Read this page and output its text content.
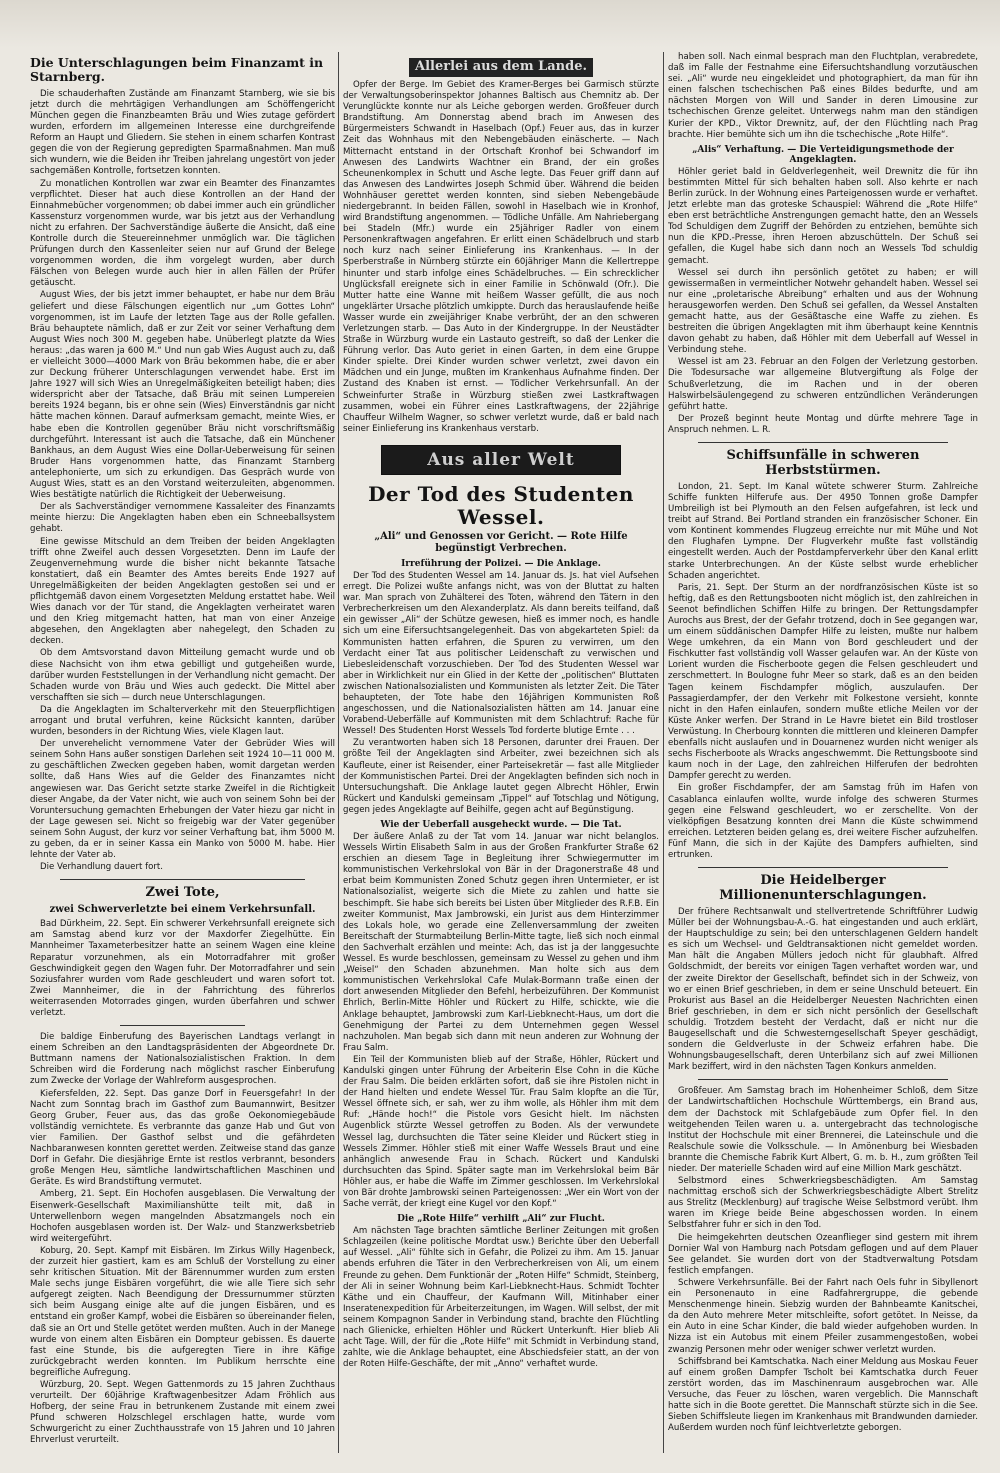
Die Unterschlagungen beim Finanzamt in Starnberg.

Die schauderhaften Zustände am Finanzamt Starnberg, wie sie bis jetzt durch die mehrtägigen Verhandlungen am Schöffengericht München gegen die Finanzbeamten Bräu und Wies zutage gefördert wurden, erfordern im allgemeinen Interesse eine durchgreifende Reform an Haupt und Gliedern. Sie stehen in einem scharfen Kontrast gegen die von der Regierung gepredigten Sparmaßnahmen. Man muß sich wundern, wie die Beiden ihr Treiben jahrelang ungestört von jeder sachgemäßen Kontrolle, fortsetzen konnten.

Zu monatlichen Kontrollen war zwar ein Beamter des Finanzamtes verpflichtet. Dieser hat auch diese Kontrollen an der Hand der Einnahmebücher vorgenommen; ob dabei immer auch ein gründlicher Kassensturz vorgenommen wurde, war bis jetzt aus der Verhandlung nicht zu erfahren. Der Sachverständige äußerte die Ansicht, daß eine Kontrolle durch die Steuereinnehmer unmöglich war. Die täglichen Prüfungen durch den Kassenleiter seien nur auf Grund der Belege vorgenommen worden, die ihm vorgelegt wurden, aber durch Fälschen von Belegen wurde auch hier in allen Fällen der Prüfer getäuscht.

August Wies, der bis jetzt immer behauptet, er habe nur dem Bräu geliefert und diese Fälschungen eigentlich nur „um Gottes Lohn“ vorgenommen, ist im Laufe der letzten Tage aus der Rolle gefallen. Bräu behauptete nämlich, daß er zur Zeit vor seiner Verhaftung dem August Wies noch 300 M. gegeben habe. Unüberlegt platzte da Wies heraus: „das waren ja 600 M.“ Und nun gab Wies August auch zu, daß er vielleicht 3000—4000 Mark von Bräu bekommen habe, die er aber zur Deckung früherer Unterschlagungen verwendet habe. Erst im Jahre 1927 will sich Wies an Unregelmäßigkeiten beteiligt haben; dies widerspricht aber der Tatsache, daß Bräu mit seinen Lumpereien bereits 1924 begann, bis er ohne sein (Wies) Einverständnis gar nicht hätte machen können. Darauf aufmerksam gemacht, meinte Wies, er habe eben die Kontrollen gegenüber Bräu nicht vorschriftsmäßig durchgeführt. Interessant ist auch die Tatsache, daß ein Münchener Bankhaus, an dem August Wies eine Dollar-Ueberweisung für seinen Bruder Hans vorgenommen hatte, das Finanzamt Starnberg antelephonierte, um sich zu erkundigen. Das Gespräch wurde von August Wies, statt es an den Vorstand weiterzuleiten, abgenommen. Wies bestätigte natürlich die Richtigkeit der Ueberweisung.

Der als Sachverständiger vernommene Kassaleiter des Finanzamts meinte hierzu: Die Angeklagten haben eben ein Schneeballsystem gehabt.

Eine gewisse Mitschuld an dem Treiben der beiden Angeklagten trifft ohne Zweifel auch dessen Vorgesetzten. Denn im Laufe der Zeugenvernehmung wurde die bisher nicht bekannte Tatsache konstatiert, daß ein Beamter des Amtes bereits Ende 1927 auf Unregelmäßigkeiten der beiden Angeklagten gestoßen sei und er pflichtgemäß davon einem Vorgesetzten Meldung erstattet habe. Weil Wies danach vor der Tür stand, die Angeklagten verheiratet waren und den Krieg mitgemacht hatten, hat man von einer Anzeige abgesehen, den Angeklagten aber nahegelegt, den Schaden zu decken.

Ob dem Amtsvorstand davon Mitteilung gemacht wurde und ob diese Nachsicht von ihm etwa gebilligt und gutgeheißen wurde, darüber wurden Feststellungen in der Verhandlung nicht gemacht. Der Schaden wurde von Bräu und Wies auch gedeckt. Die Mittel aber verschafften sie sich — durch neue Unterschlagungen.

Da die Angeklagten im Schalterverkehr mit den Steuerpflichtigen arrogant und brutal verfuhren, keine Rücksicht kannten, darüber wurden, besonders in der Richtung Wies, viele Klagen laut.

Der unverehelicht vernommene Vater der Gebrüder Wies will seinem Sohn Hans außer sonstigen Darlehen seit 1924 10—11 000 M. zu geschäftlichen Zwecken gegeben haben, womit dargetan werden sollte, daß Hans Wies auf die Gelder des Finanzamtes nicht angewiesen war. Das Gericht setzte starke Zweifel in die Richtigkeit dieser Angabe, da der Vater nicht, wie auch von seinem Sohn bei der Voruntersuchung gemachten Erhebungen der Vater hiezu gar nicht in der Lage gewesen sei. Nicht so freigebig war der Vater gegenüber seinem Sohn August, der kurz vor seiner Verhaftung bat, ihm 5000 M. zu geben, da er in seiner Kassa ein Manko von 5000 M. habe. Hier lehnte der Vater ab.

Die Verhandlung dauert fort.

Zwei Tote,
zwei Schwerverletzte bei einem Verkehrsunfall.

Bad Dürkheim, 22. Sept. Ein schwerer Verkehrsunfall ereignete sich am Samstag abend kurz vor der Maxdorfer Ziegelhütte. Ein Mannheimer Taxameterbesitzer hatte an seinem Wagen eine kleine Reparatur vorzunehmen, als ein Motorradfahrer mit großer Geschwindigkeit gegen den Wagen fuhr. Der Motorradfahrer und sein Soziusfahrer wurden vom Rade geschleudert und waren sofort tot. Zwei Mannheimer, die in der Fahrrichtung des führerlos weiterrasenden Motorrades gingen, wurden überfahren und schwer verletzt.

Die baldige Einberufung des Bayerischen Landtags verlangt in einem Schreiben an den Landtagspräsidenten der Abgeordnete Dr. Buttmann namens der Nationalsozialistischen Fraktion. In dem Schreiben wird die Forderung nach möglichst rascher Einberufung zum Zwecke der Vorlage der Wahlreform ausgesprochen.

Kiefersfelden, 22. Sept. Das ganze Dorf in Feuersgefahr! In der Nacht zum Sonntag brach im Gasthof zum Baumannwirt, Besitzer Georg Gruber, Feuer aus, das das große Oekonomiegebäude vollständig vernichtete. Es verbrannte das ganze Hab und Gut von vier Familien. Der Gasthof selbst und die gefährdeten Nachbaranwesen konnten gerettet werden. Zeitweise stand das ganze Dorf in Gefahr. Die diesjährige Ernte ist restlos verbrannt, besonders große Mengen Heu, sämtliche landwirtschaftlichen Maschinen und Geräte. Es wird Brandstiftung vermutet.

Amberg, 21. Sept. Ein Hochofen ausgeblasen. Die Verwaltung der Eisenwerk-Gesellschaft Maximilianshütte teilt mit, daß in Unterwellenborn wegen mangelnden Absatzmangels noch ein Hochofen ausgeblasen worden ist. Der Walz- und Stanzwerksbetrieb wird weitergeführt.

Koburg, 20. Sept. Kampf mit Eisbären. Im Zirkus Willy Hagenbeck, der zurzeit hier gastiert, kam es am Schluß der Vorstellung zu einer sehr kritischen Situation. Mit der Bärennummer wurden zum ersten Male sechs junge Eisbären vorgeführt, die wie alle Tiere sich sehr aufgeregt zeigten. Nach Beendigung der Dressurnummer stürzten sich beim Ausgang einige alte auf die jungen Eisbären, und es entstand ein großer Kampf, wobei die Eisbären so übereinander fielen, daß sie an Ort und Stelle getötet werden mußten. Auch in der Manege wurde von einem alten Eisbären ein Dompteur gebissen. Es dauerte fast eine Stunde, bis die aufgeregten Tiere in ihre Käfige zurückgebracht werden konnten. Im Publikum herrschte eine begreifliche Aufregung.

Würzburg, 20. Sept. Wegen Gattenmords zu 15 Jahren Zuchthaus verurteilt. Der 60jährige Kraftwagenbesitzer Adam Fröhlich aus Hofberg, der seine Frau in betrunkenem Zustande mit einem zwei Pfund schweren Holzschlegel erschlagen hatte, wurde vom Schwurgericht zu einer Zuchthausstrafe von 15 Jahren und 10 Jahren Ehrverlust verurteilt.

Allerlei aus dem Lande.

Opfer der Berge. Im Gebiet des Kramer-Berges bei Garmisch stürzte der Verwaltungsoberinspektor Johannes Baltisch aus Chemnitz ab. Der Verunglückte konnte nur als Leiche geborgen werden. Großfeuer durch Brandstiftung. Am Donnerstag abend brach im Anwesen des Bürgermeisters Schwandt in Haselbach (Opf.) Feuer aus, das in kurzer Zeit das Wohnhaus mit den Nebengebäuden einäscherte. — Nach Mitternacht entstand in der Ortschaft Kronhof bei Schwandorf im Anwesen des Landwirts Wachtner ein Brand, der ein großes Scheunenkomplex in Schutt und Asche legte. Das Feuer griff dann auf das Anwesen des Landwirtes Joseph Schmid über. Während die beiden Wohnhäuser gerettet werden konnten, sind sieben Nebengebäude niedergebrannt. In beiden Fällen, sowohl in Haselbach wie in Kronhof, wird Brandstiftung angenommen. — Tödliche Unfälle. Am Nahriebergang bei Stadeln (Mfr.) wurde ein 25jähriger Radler von einem Personenkraftwagen angefahren. Er erlitt einen Schädelbruch und starb noch kurz nach seiner Einlieferung ins Krankenhaus. — In der Sperberstraße in Nürnberg stürzte ein 60jähriger Mann die Kellertreppe hinunter und starb infolge eines Schädelbruches. — Ein schrecklicher Unglücksfall ereignete sich in einer Familie in Schönwald (Ofr.). Die Mutter hatte eine Wanne mit heißem Wasser gefüllt, die aus noch ungeklärter Ursache plötzlich umkippte. Durch das herauslaufende heiße Wasser wurde ein zweijähriger Knabe verbrüht, der an den schweren Verletzungen starb. — Das Auto in der Kindergruppe. In der Neustädter Straße in Würzburg wurde ein Lastauto gestreift, so daß der Lenker die Führung verlor. Das Auto geriet in einen Garten, in dem eine Gruppe Kinder spielte. Drei Kinder wurden schwer verletzt, zwei davon ein Mädchen und ein Junge, mußten im Krankenhaus Aufnahme finden. Der Zustand des Knaben ist ernst. — Tödlicher Verkehrsunfall. An der Schweinfurter Straße in Würzburg stießen zwei Lastkraftwagen zusammen, wobei ein Führer eines Lastkraftwagens, der 22jährige Chauffeur Wilhelm Wagner, so schwer verletzt wurde, daß er bald nach seiner Einlieferung ins Krankenhaus verstarb.

Aus aller Welt
Der Tod des Studenten Wessel.
„Ali“ und Genossen vor Gericht. — Rote Hilfe begünstigt Verbrechen.
Irreführung der Polizei. — Die Anklage.

Der Tod des Studenten Wessel am 14. Januar ds. Js. hat viel Aufsehen erregt. Die Polizei wußte anfangs nicht, was von der Bluttat zu halten war. Man sprach von Zuhälterei des Toten, während den Tätern in den Verbrecherkreisen um den Alexanderplatz. Als dann bereits teilfand, daß ein gewisser „Ali“ der Schütze gewesen, hieß es immer noch, es handle sich um eine Eifersuchtsangelegenheit. Das von abgekarteten Spiel: da Kommunisten hatten erfahren, die Spuren zu verwirren, um den Verdacht einer Tat aus politischer Leidenschaft zu verwischen und Liebesleidenschaft vorzuschieben. Der Tod des Studenten Wessel war aber in Wirklichkeit nur ein Glied in der Kette der „politischen“ Bluttaten zwischen Nationalsozialisten und Kommunisten als letzter Zeit. Die Täter behaupteten, der Tote habe den 16jährigen Kommunisten Roß angeschossen, und die Nationalsozialisten hätten am 14. Januar eine Vorabend-Ueberfälle auf Kommunisten mit dem Schlachtruf: Rache für Wessel! Des Studenten Horst Wessels Tod forderte blutige Ernte . . .

Zu verantworten haben sich 18 Personen, darunter drei Frauen. Der größte Teil der Angeklagten sind Arbeiter, zwei bezeichnen sich als Kaufleute, einer ist Reisender, einer Parteisekretär — fast alle Mitglieder der Kommunistischen Partei. Drei der Angeklagten befinden sich noch in Untersuchungshaft. Die Anklage lautet gegen Albrecht Höhler, Erwin Rückert und Kandulski gemeinsam „Tippel“ auf Totschlag und Nötigung, gegen jedes Angeklagte auf Beihilfe, gegen acht auf Begünstigung.

Wie der Ueberfall ausgeheckt wurde. — Die Tat.

Der äußere Anlaß zu der Tat vom 14. Januar war nicht belanglos. Wessels Wirtin Elisabeth Salm in aus der Großen Frankfurter Straße 62 erschien an diesem Tage in Begleitung ihrer Schwiegermutter im kommunistischen Verkehrslokal von Bär in der Dragonerstraße 48 und erbat beim Kommunisten Zoned Schutz gegen ihren Untermieter, er ist Nationalsozialist, weigerte sich die Miete zu zahlen und hatte sie beschimpft. Sie habe sich bereits bei Listen über Mitglieder des R.F.B. Ein zweiter Kommunist, Max Jambrowski, ein Jurist aus dem Hinterzimmer des Lokals hole, wo gerade eine Zellenversammlung der zweiten Bereitschaft der Sturmabteilung Berlin-Mitte tagte, ließ sich noch einmal den Sachverhalt erzählen und meinte: Ach, das ist ja der langgesuchte Wessel. Es wurde beschlossen, gemeinsam zu Wessel zu gehen und ihm „Weisel“ den Schaden abzunehmen. Man holte sich aus dem kommunistischen Verkehrslokal Cafe Mulak-Bormann traße einen der dort anwesenden Mitglieder den Befehl, herbeizuführen. Der Kommunist Ehrlich, Berlin-Mitte Höhler und Rückert zu Hilfe, schickte, wie die Anklage behauptet, Jambrowski zum Karl-Liebknecht-Haus, um dort die Genehmigung der Partei zu dem Unternehmen gegen Wessel nachzuholen. Man begab sich dann mit neun anderen zur Wohnung der Frau Salm.

Ein Teil der Kommunisten blieb auf der Straße, Höhler, Rückert und Kandulski gingen unter Führung der Arbeiterin Else Cohn in die Küche der Frau Salm. Die beiden erklärten sofort, daß sie ihre Pistolen nicht in der Hand hielten und endete Wessel Tür. Frau Salm klopfte an die Tür, Wessel öffnete sich, er sah, wer zu ihm wolle, als Höhler ihm mit dem Ruf: „Hände hoch!“ die Pistole vors Gesicht hielt. Im nächsten Augenblick stürzte Wessel getroffen zu Boden. Als der verwundete Wessel lag, durchsuchten die Täter seine Kleider und Rückert stieg in Wessels Zimmer. Höhler stieß mit einer Waffe Wessels Braut und eine anhänglich anwesende Frau in Schach. Rückert und Kandulski durchsuchten das Spind. Später sagte man im Verkehrslokal beim Bär Höhler aus, er habe die Waffe im Zimmer geschlossen. Im Verkehrslokal von Bär drohte Jambrowski seinen Parteigenossen: „Wer ein Wort von der Sache verrät, der kriegt eine Kugel vor den Kopf.“

Die „Rote Hilfe“ verhilft „Ali“ zur Flucht.

Am nächsten Tage brachten sämtliche Berliner Zeitungen mit großen Schlagzeilen (keine politische Mordtat usw.) Berichte über den Ueberfall auf Wessel. „Ali“ fühlte sich in Gefahr, die Polizei zu ihm. Am 15. Januar abends erfuhren die Täter in den Verbrecherkreisen von Ali, um einem Freunde zu gehen. Dem Funktionär der „Roten Hilfe“ Schmidt, Steinberg, der Ali in seiner Wohnung beim Karl-Liebknecht-Haus. Schmidt Tochter Käthe und ein Chauffeur, der Kaufmann Will, Mitinhaber einer Inseratenexpedition für Arbeiterzeitungen, im Wagen. Will selbst, der mit seinem Kompagnon Sander in Verbindung stand, brachte den Flüchtling nach Glienicke, erhielten Höhler und Rückert Unterkunft. Hier blieb Ali acht Tage. Will, der für die „Rote Hilfe“ mit Schmidt in Verbindung stand, zahlte, wie die Anklage behauptet, eine Abschiedsfeier statt, an der von der Roten Hilfe-Geschäfte, der mit „Anno“ verhaftet wurde.

haben soll. Nach einmal besprach man den Fluchtplan, verabredete, daß im Falle der Festnahme eine Eifersuchtshandlung vorzutäuschen sei. „Ali“ wurde neu eingekleidet und photographiert, da man für ihn einen falschen tschechischen Paß eines Bildes bedurfte, und am nächsten Morgen von Will und Sander in deren Limousine zur tschechischen Grenze geleitet. Unterwegs nahm man den ständigen Kurier der KPD., Viktor Drewnitz, auf, der den Flüchtling nach Prag brachte. Hier bemühte sich um ihn die tschechische „Rote Hilfe“.

„Alis“ Verhaftung. — Die Verteidigungsmethode der Angeklagten.

Höhler geriet bald in Geldverlegenheit, weil Drewnitz die für ihn bestimmten Mittel für sich behalten haben soll. Also kehrte er nach Berlin zurück. In der Wohnung eines Parteigenossen wurde er verhaftet. Jetzt erlebte man das groteske Schauspiel: Während die „Rote Hilfe“ eben erst beträchtliche Anstrengungen gemacht hatte, den an Wessels Tod Schuldigen dem Zugriff der Behörden zu entziehen, bemühte sich nun die KPD.-Presse, ihren Heroen abzuschütteln. Der Schuß sei gefallen, die Kugel habe sich dann noch an Wessels Tod schuldig gemacht.

Wessel sei durch ihn persönlich getötet zu haben; er will gewissermaßen in vermeintlicher Notwehr gehandelt haben. Wessel sei nur eine „proletarische Abreibung“ erhalten und aus der Wohnung herausgeworfen werden. Den Schuß sei gefallen, da Wessel Anstalten gemacht hatte, aus der Gesäßtasche eine Waffe zu ziehen. Es bestreiten die übrigen Angeklagten mit ihm überhaupt keine Kenntnis davon gehabt zu haben, daß Höhler mit dem Ueberfall auf Wessel in Verbindung stehe.

Wessel ist am 23. Februar an den Folgen der Verletzung gestorben. Die Todesursache war allgemeine Blutvergiftung als Folge der Schußverletzung, die im Rachen und in der oberen Halswirbelsäulengegend zu schweren entzündlichen Veränderungen geführt hatte.

Der Prozeß beginnt heute Montag und dürfte mehrere Tage in Anspruch nehmen. L. R.

Schiffsunfälle in schweren Herbststürmen.

London, 21. Sept. Im Kanal wütete schwerer Sturm. Zahlreiche Schiffe funkten Hilferufe aus. Der 4950 Tonnen große Dampfer Umbreiligh ist bei Plymouth an den Felsen aufgefahren, ist leck und treibt auf Strand. Bei Portland stranden ein französischer Schoner. Ein vom Kontinent kommendes Flugzeug erreichte nur mit Mühe und Not den Flughafen Lympne. Der Flugverkehr mußte fast vollständig eingestellt werden. Auch der Postdampferverkehr über den Kanal erlitt starke Unterbrechungen. An der Küste selbst wurde erheblicher Schaden angerichtet.

Paris, 21. Sept. Der Sturm an der nordfranzösischen Küste ist so heftig, daß es den Rettungsbooten nicht möglich ist, den zahlreichen in Seenot befindlichen Schiffen Hilfe zu bringen. Der Rettungsdampfer Aurochs aus Brest, der der Gefahr trotzend, doch in See gegangen war, um einem süddänischen Dampfer Hilfe zu leisten, mußte nur halbem Wege umkehren, da ein Mann von Bord geschleudert und der Fischkutter fast vollständig voll Wasser gelaufen war. An der Küste von Lorient wurden die Fischerboote gegen die Felsen geschleudert und zerschmettert. In Boulogne fuhr Meer so stark, daß es an den beiden Tagen keinem Fischdampfer möglich, auszulaufen. Der Passagierdampfer, der den Verkehr mit Folkestone versieht, konnte nicht in den Hafen einlaufen, sondern mußte etliche Meilen vor der Küste Anker werfen. Der Strand in Le Havre bietet ein Bild trostloser Verwüstung. In Cherbourg konnten die mittleren und kleineren Dampfer ebenfalls nicht auslaufen und in Douarnenez wurden nicht weniger als sechs Fischerboote als Wracks angeschwemmt. Die Rettungsboote sind kaum noch in der Lage, den zahlreichen Hilferufen der bedrohten Dampfer gerecht zu werden.

Ein großer Fischdampfer, der am Samstag früh im Hafen von Casablanca einlaufen wollte, wurde infolge des schweren Sturmes gegen eine Felswand geschleudert, wo er zerschellte. Von der vielköpfigen Besatzung konnten drei Mann die Küste schwimmend erreichen. Letzteren beiden gelang es, drei weitere Fischer aufzuhelfen. Fünf Mann, die sich in der Kajüte des Dampfers aufhielten, sind ertrunken.

Die Heidelberger Millionenunterschlagungen.

Der frühere Rechtsanwalt und stellvertretende Schriftführer Ludwig Müller bei der Wohnungsbau-A.-G. hat eingestanden und auch erklärt, der Hauptschuldige zu sein; bei den unterschlagenen Geldern handelt es sich um Wechsel- und Geldtransaktionen nicht gemeldet worden. Man hält die Angaben Müllers jedoch nicht für glaubhaft. Alfred Goldschmidt, der bereits vor einigen Tagen verhaftet worden war, und der zweite Direktor der Gesellschaft, befindet sich in der Schweiz, von wo er einen Brief geschrieben, in dem er seine Unschuld beteuert. Ein Prokurist aus Basel an die Heidelberger Neuesten Nachrichten einen Brief geschrieben, in dem er sich nicht persönlich der Gesellschaft schuldig. Trotzdem besteht der Verdacht, daß er nicht nur die Baugesellschaft und die Schwesterngesellschaft Speyer geschädigt, sondern die Geldverluste in der Schweiz erfahren habe. Die Wohnungsbaugesellschaft, deren Unterbilanz sich auf zwei Millionen Mark beziffert, wird in den nächsten Tagen Konkurs anmelden.

Großfeuer. Am Samstag brach im Hohenheimer Schloß, dem Sitze der Landwirtschaftlichen Hochschule Württembergs, ein Brand aus, dem der Dachstock mit Schlafgebäude zum Opfer fiel. In den weitgehenden Teilen waren u. a. untergebracht das technologische Institut der Hochschule mit einer Brennerei, die Lateinschule und die Realschule sowie die Volksschule. — In Amönenburg bei Wiesbaden brannte die Chemische Fabrik Kurt Albert, G. m. b. H., zum größten Teil nieder. Der materielle Schaden wird auf eine Million Mark geschätzt.

Selbstmord eines Schwerkriegsbeschädigten. Am Samstag nachmittag erschoß sich der Schwerkriegsbeschädigte Albert Strelitz aus Strelitz (Mecklenburg) auf tragische Weise Selbstmord verübt. Ihm waren im Kriege beide Beine abgeschossen worden. In einem Selbstfahrer fuhr er sich in den Tod.

Die heimgekehrten deutschen Ozeanflieger sind gestern mit ihrem Dornier Wal von Hamburg nach Potsdam geflogen und auf dem Plauer See gelandet. Sie wurden dort von der Stadtverwaltung Potsdam festlich empfangen.

Schwere Verkehrsunfälle. Bei der Fahrt nach Oels fuhr in Sibyllenort ein Personenauto in eine Radfahrergruppe, die gebende Menschenmenge hinein. Siebzig wurden der Bahnbeamte Kanitschei, da den Auto mehrere Meter mitschleifte, sofort getötet. In Neisse, da ein Auto in eine Schar Kinder, die bald wieder aufgehoben wurden. In Nizza ist ein Autobus mit einem Pfeiler zusammengestoßen, wobei zwanzig Personen mehr oder weniger schwer verletzt wurden.

Schiffsbrand bei Kamtschatka. Nach einer Meldung aus Moskau Feuer auf einem großen Dampfer Tscholt bei Kamtschatka durch Feuer zerstört worden, das im Maschinenraum ausgebrochen war. Alle Versuche, das Feuer zu löschen, waren vergeblich. Die Mannschaft hatte sich in die Boote gerettet. Die Mannschaft stürzte sich in die See. Sieben Schiffsleute liegen im Krankenhaus mit Brandwunden darnieder. Außerdem wurden noch fünf leichtverletzte geborgen.
